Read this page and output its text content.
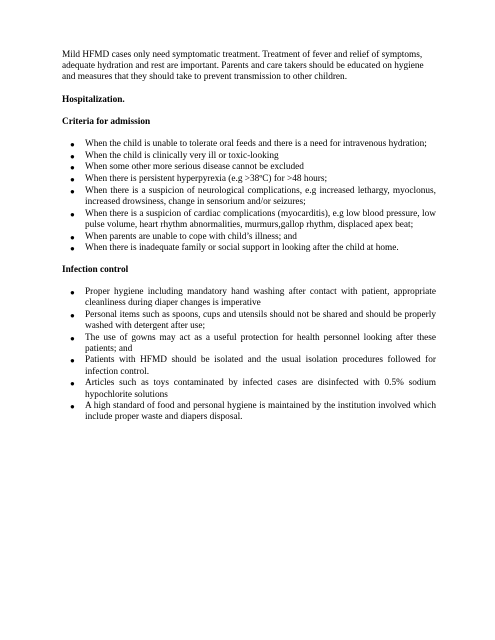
Mild HFMD cases only need symptomatic treatment. Treatment of fever and relief of symptoms, adequate hydration and rest are important. Parents and care takers should be educated on hygiene and measures that they should take to prevent transmission to other children.

Hospitalization.

Criteria for admission

● When the child is unable to tolerate oral feeds and there is a need for intravenous hydration;
● When the child is clinically very ill or toxic-looking
● When some other more serious disease cannot be excluded
● When there is persistent hyperpyrexia (e.g >38ºC) for >48 hours;
● When there is a suspicion of neurological complications, e.g increased lethargy, myoclonus, increased drowsiness, change in sensorium and/or seizures;
● When there is a suspicion of cardiac complications (myocarditis), e.g low blood pressure, low pulse volume, heart rhythm abnormalities, murmurs,gallop rhythm, displaced apex beat;
● When parents are unable to cope with child’s illness; and
● When there is inadequate family or social support in looking after the child at home.

Infection control

● Proper hygiene including mandatory hand washing after contact with patient, appropriate cleanliness during diaper changes is imperative
● Personal items such as spoons, cups and utensils should not be shared and should be properly washed with detergent after use;
● The use of gowns may act as a useful protection for health personnel looking after these patients; and
● Patients with HFMD should be isolated and the usual isolation procedures followed for infection control.
● Articles such as toys contaminated by infected cases are disinfected with 0.5% sodium hypochlorite solutions
● A high standard of food and personal hygiene is maintained by the institution involved which include proper waste and diapers disposal.
